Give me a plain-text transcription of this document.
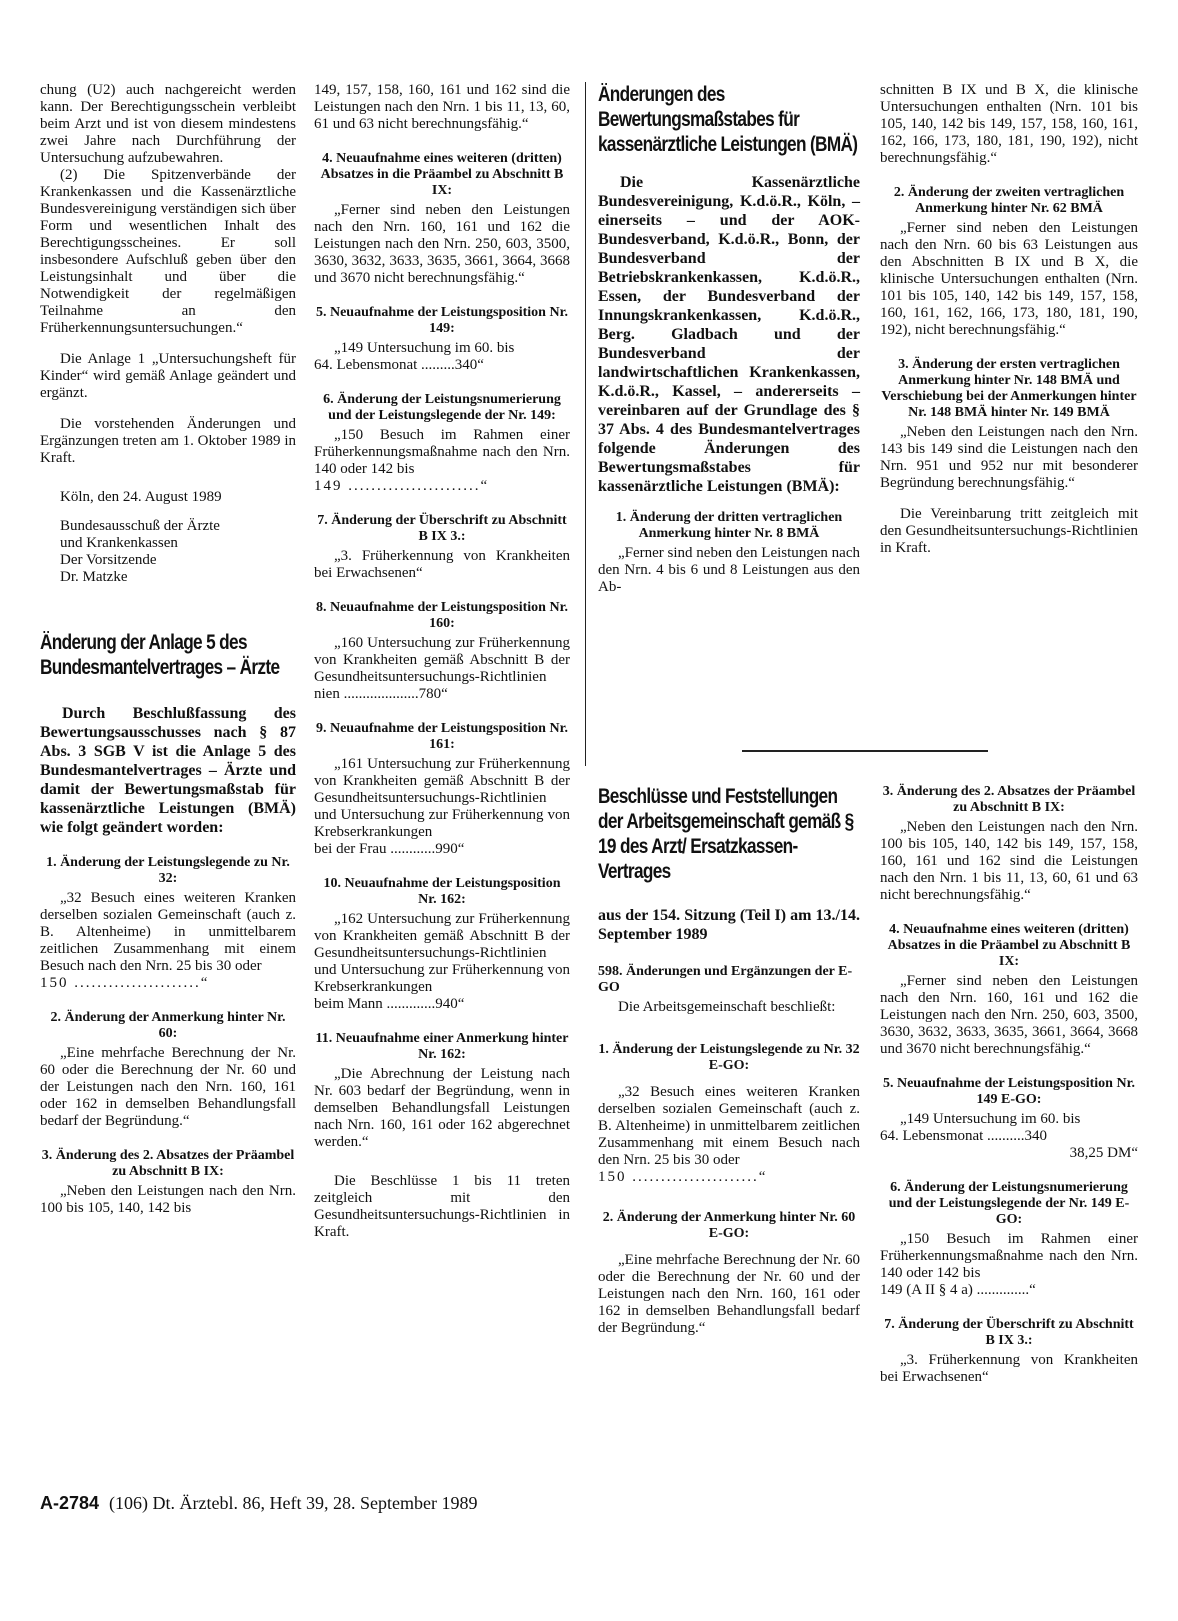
chung (U2) auch nachgereicht werden kann. Der Berechtigungsschein verbleibt beim Arzt und ist von diesem mindestens zwei Jahre nach Durchführung der Untersuchung aufzubewahren.

(2) Die Spitzenverbände der Krankenkassen und die Kassenärztliche Bundesvereinigung verständigen sich über Form und wesentlichen Inhalt des Berechtigungsscheines. Er soll insbesondere Aufschluß geben über den Leistungsinhalt und über die Notwendigkeit der regelmäßigen Teilnahme an den Früherkennungsuntersuchungen.“

Die Anlage 1 „Untersuchungsheft für Kinder“ wird gemäß Anlage geändert und ergänzt.

Die vorstehenden Änderungen und Ergänzungen treten am 1. Oktober 1989 in Kraft.

Köln, den 24. August 1989

Bundesausschuß der Ärzte

und Krankenkassen

Der Vorsitzende

Dr. Matzke

Änderung der Anlage 5 des Bundesmantelvertrages – Ärzte

Durch Beschlußfassung des Bewertungsausschusses nach § 87 Abs. 3 SGB V ist die Anlage 5 des Bundesmantelvertrages – Ärzte und damit der Bewertungsmaßstab für kassenärztliche Leistungen (BMÄ) wie folgt geändert worden:

1. Änderung der Leistungslegende zu Nr. 32:

„32 Besuch eines weiteren Kranken derselben sozialen Gemeinschaft (auch z. B. Altenheime) in unmittelbarem zeitlichen Zusammenhang mit einem Besuch nach den Nrn. 25 bis 30 oder

150 ......................“

2. Änderung der Anmerkung hinter Nr. 60:

„Eine mehrfache Berechnung der Nr. 60 oder die Berechnung der Nr. 60 und der Leistungen nach den Nrn. 160, 161 oder 162 in demselben Behandlungsfall bedarf der Begründung.“

3. Änderung des 2. Absatzes der Präambel zu Abschnitt B IX:

„Neben den Leistungen nach den Nrn. 100 bis 105, 140, 142 bis

149, 157, 158, 160, 161 und 162 sind die Leistungen nach den Nrn. 1 bis 11, 13, 60, 61 und 63 nicht berechnungsfähig.“

4. Neuaufnahme eines weiteren (dritten) Absatzes in die Präambel zu Abschnitt B IX:

„Ferner sind neben den Leistungen nach den Nrn. 160, 161 und 162 die Leistungen nach den Nrn. 250, 603, 3500, 3630, 3632, 3633, 3635, 3661, 3664, 3668 und 3670 nicht berechnungsfähig.“

5. Neuaufnahme der Leistungsposition Nr. 149:

„149 Untersuchung im 60. bis

64. Lebensmonat .........340“

6. Änderung der Leistungsnumerierung und der Leistungslegende der Nr. 149:

„150 Besuch im Rahmen einer Früherkennungsmaßnahme nach den Nrn. 140 oder 142 bis

149 .......................“

7. Änderung der Überschrift zu Abschnitt B IX 3.:

„3. Früherkennung von Krankheiten bei Erwachsenen“

8. Neuaufnahme der Leistungsposition Nr. 160:

„160 Untersuchung zur Früherkennung von Krankheiten gemäß Abschnitt B der Gesundheitsuntersuchungs-Richtlinien

nien ....................780“

9. Neuaufnahme der Leistungsposition Nr. 161:

„161 Untersuchung zur Früherkennung von Krankheiten gemäß Abschnitt B der Gesundheitsuntersuchungs-Richtlinien und Untersuchung zur Früherkennung von Krebserkrankungen

bei der Frau ............990“

10. Neuaufnahme der Leistungsposition Nr. 162:

„162 Untersuchung zur Früherkennung von Krankheiten gemäß Abschnitt B der Gesundheitsuntersuchungs-Richtlinien und Untersuchung zur Früherkennung von Krebserkrankungen

beim Mann .............940“

11. Neuaufnahme einer Anmerkung hinter Nr. 162:

„Die Abrechnung der Leistung nach Nr. 603 bedarf der Begründung, wenn in demselben Behandlungsfall Leistungen nach Nrn. 160, 161 oder 162 abgerechnet werden.“

Die Beschlüsse 1 bis 11 treten zeitgleich mit den Gesundheitsuntersuchungs-Richtlinien in Kraft.

Änderungen des Bewertungsmaßstabes für kassenärztliche Leistungen (BMÄ)

Die Kassenärztliche Bundesvereinigung, K.d.ö.R., Köln, – einerseits – und der AOK-Bundesverband, K.d.ö.R., Bonn, der Bundesverband der Betriebskrankenkassen, K.d.ö.R., Essen, der Bundesverband der Innungskrankenkassen, K.d.ö.R., Berg. Gladbach und der Bundesverband der landwirtschaftlichen Krankenkassen, K.d.ö.R., Kassel, – andererseits – vereinbaren auf der Grundlage des § 37 Abs. 4 des Bundesmantelvertrages folgende Änderungen des Bewertungsmaßstabes für kassenärztliche Leistungen (BMÄ):

1. Änderung der dritten vertraglichen Anmerkung hinter Nr. 8 BMÄ

„Ferner sind neben den Leistungen nach den Nrn. 4 bis 6 und 8 Leistungen aus den Ab-

schnitten B IX und B X, die klinische Untersuchungen enthalten (Nrn. 101 bis 105, 140, 142 bis 149, 157, 158, 160, 161, 162, 166, 173, 180, 181, 190, 192), nicht berechnungsfähig.“

2. Änderung der zweiten vertraglichen Anmerkung hinter Nr. 62 BMÄ

„Ferner sind neben den Leistungen nach den Nrn. 60 bis 63 Leistungen aus den Abschnitten B IX und B X, die klinische Untersuchungen enthalten (Nrn. 101 bis 105, 140, 142 bis 149, 157, 158, 160, 161, 162, 166, 173, 180, 181, 190, 192), nicht berechnungsfähig.“

3. Änderung der ersten vertraglichen Anmerkung hinter Nr. 148 BMÄ und Verschiebung bei der Anmerkungen hinter Nr. 148 BMÄ hinter Nr. 149 BMÄ

„Neben den Leistungen nach den Nrn. 143 bis 149 sind die Leistungen nach den Nrn. 951 und 952 nur mit besonderer Begründung berechnungsfähig.“

Die Vereinbarung tritt zeitgleich mit den Gesundheitsuntersuchungs-Richtlinien in Kraft.

Beschlüsse und Feststellungen der Arbeitsgemeinschaft gemäß § 19 des Arzt/ Ersatzkassen-Vertrages

aus der 154. Sitzung (Teil I) am 13./14. September 1989

598. Änderungen und Ergänzungen der E-GO

Die Arbeitsgemeinschaft beschließt:

1. Änderung der Leistungslegende zu Nr. 32 E-GO:

„32 Besuch eines weiteren Kranken derselben sozialen Gemeinschaft (auch z. B. Altenheime) in unmittelbarem zeitlichen Zusammenhang mit einem Besuch nach den Nrn. 25 bis 30 oder

150 ......................“

2. Änderung der Anmerkung hinter Nr. 60 E-GO:

„Eine mehrfache Berechnung der Nr. 60 oder die Berechnung der Nr. 60 und der Leistungen nach den Nrn. 160, 161 oder 162 in demselben Behandlungsfall bedarf der Begründung.“

3. Änderung des 2. Absatzes der Präambel zu Abschnitt B IX:

„Neben den Leistungen nach den Nrn. 100 bis 105, 140, 142 bis 149, 157, 158, 160, 161 und 162 sind die Leistungen nach den Nrn. 1 bis 11, 13, 60, 61 und 63 nicht berechnungsfähig.“

4. Neuaufnahme eines weiteren (dritten) Absatzes in die Präambel zu Abschnitt B IX:

„Ferner sind neben den Leistungen nach den Nrn. 160, 161 und 162 die Leistungen nach den Nrn. 250, 603, 3500, 3630, 3632, 3633, 3635, 3661, 3664, 3668 und 3670 nicht berechnungsfähig.“

5. Neuaufnahme der Leistungsposition Nr. 149 E-GO:

„149 Untersuchung im 60. bis

64. Lebensmonat ..........340

38,25 DM“

6. Änderung der Leistungsnumerierung und der Leistungslegende der Nr. 149 E-GO:

„150 Besuch im Rahmen einer Früherkennungsmaßnahme nach den Nrn. 140 oder 142 bis

149 (A II § 4 a) ..............“

7. Änderung der Überschrift zu Abschnitt B IX 3.:

„3. Früherkennung von Krankheiten bei Erwachsenen“

A-2784 (106) Dt. Ärztebl. 86, Heft 39, 28. September 1989
